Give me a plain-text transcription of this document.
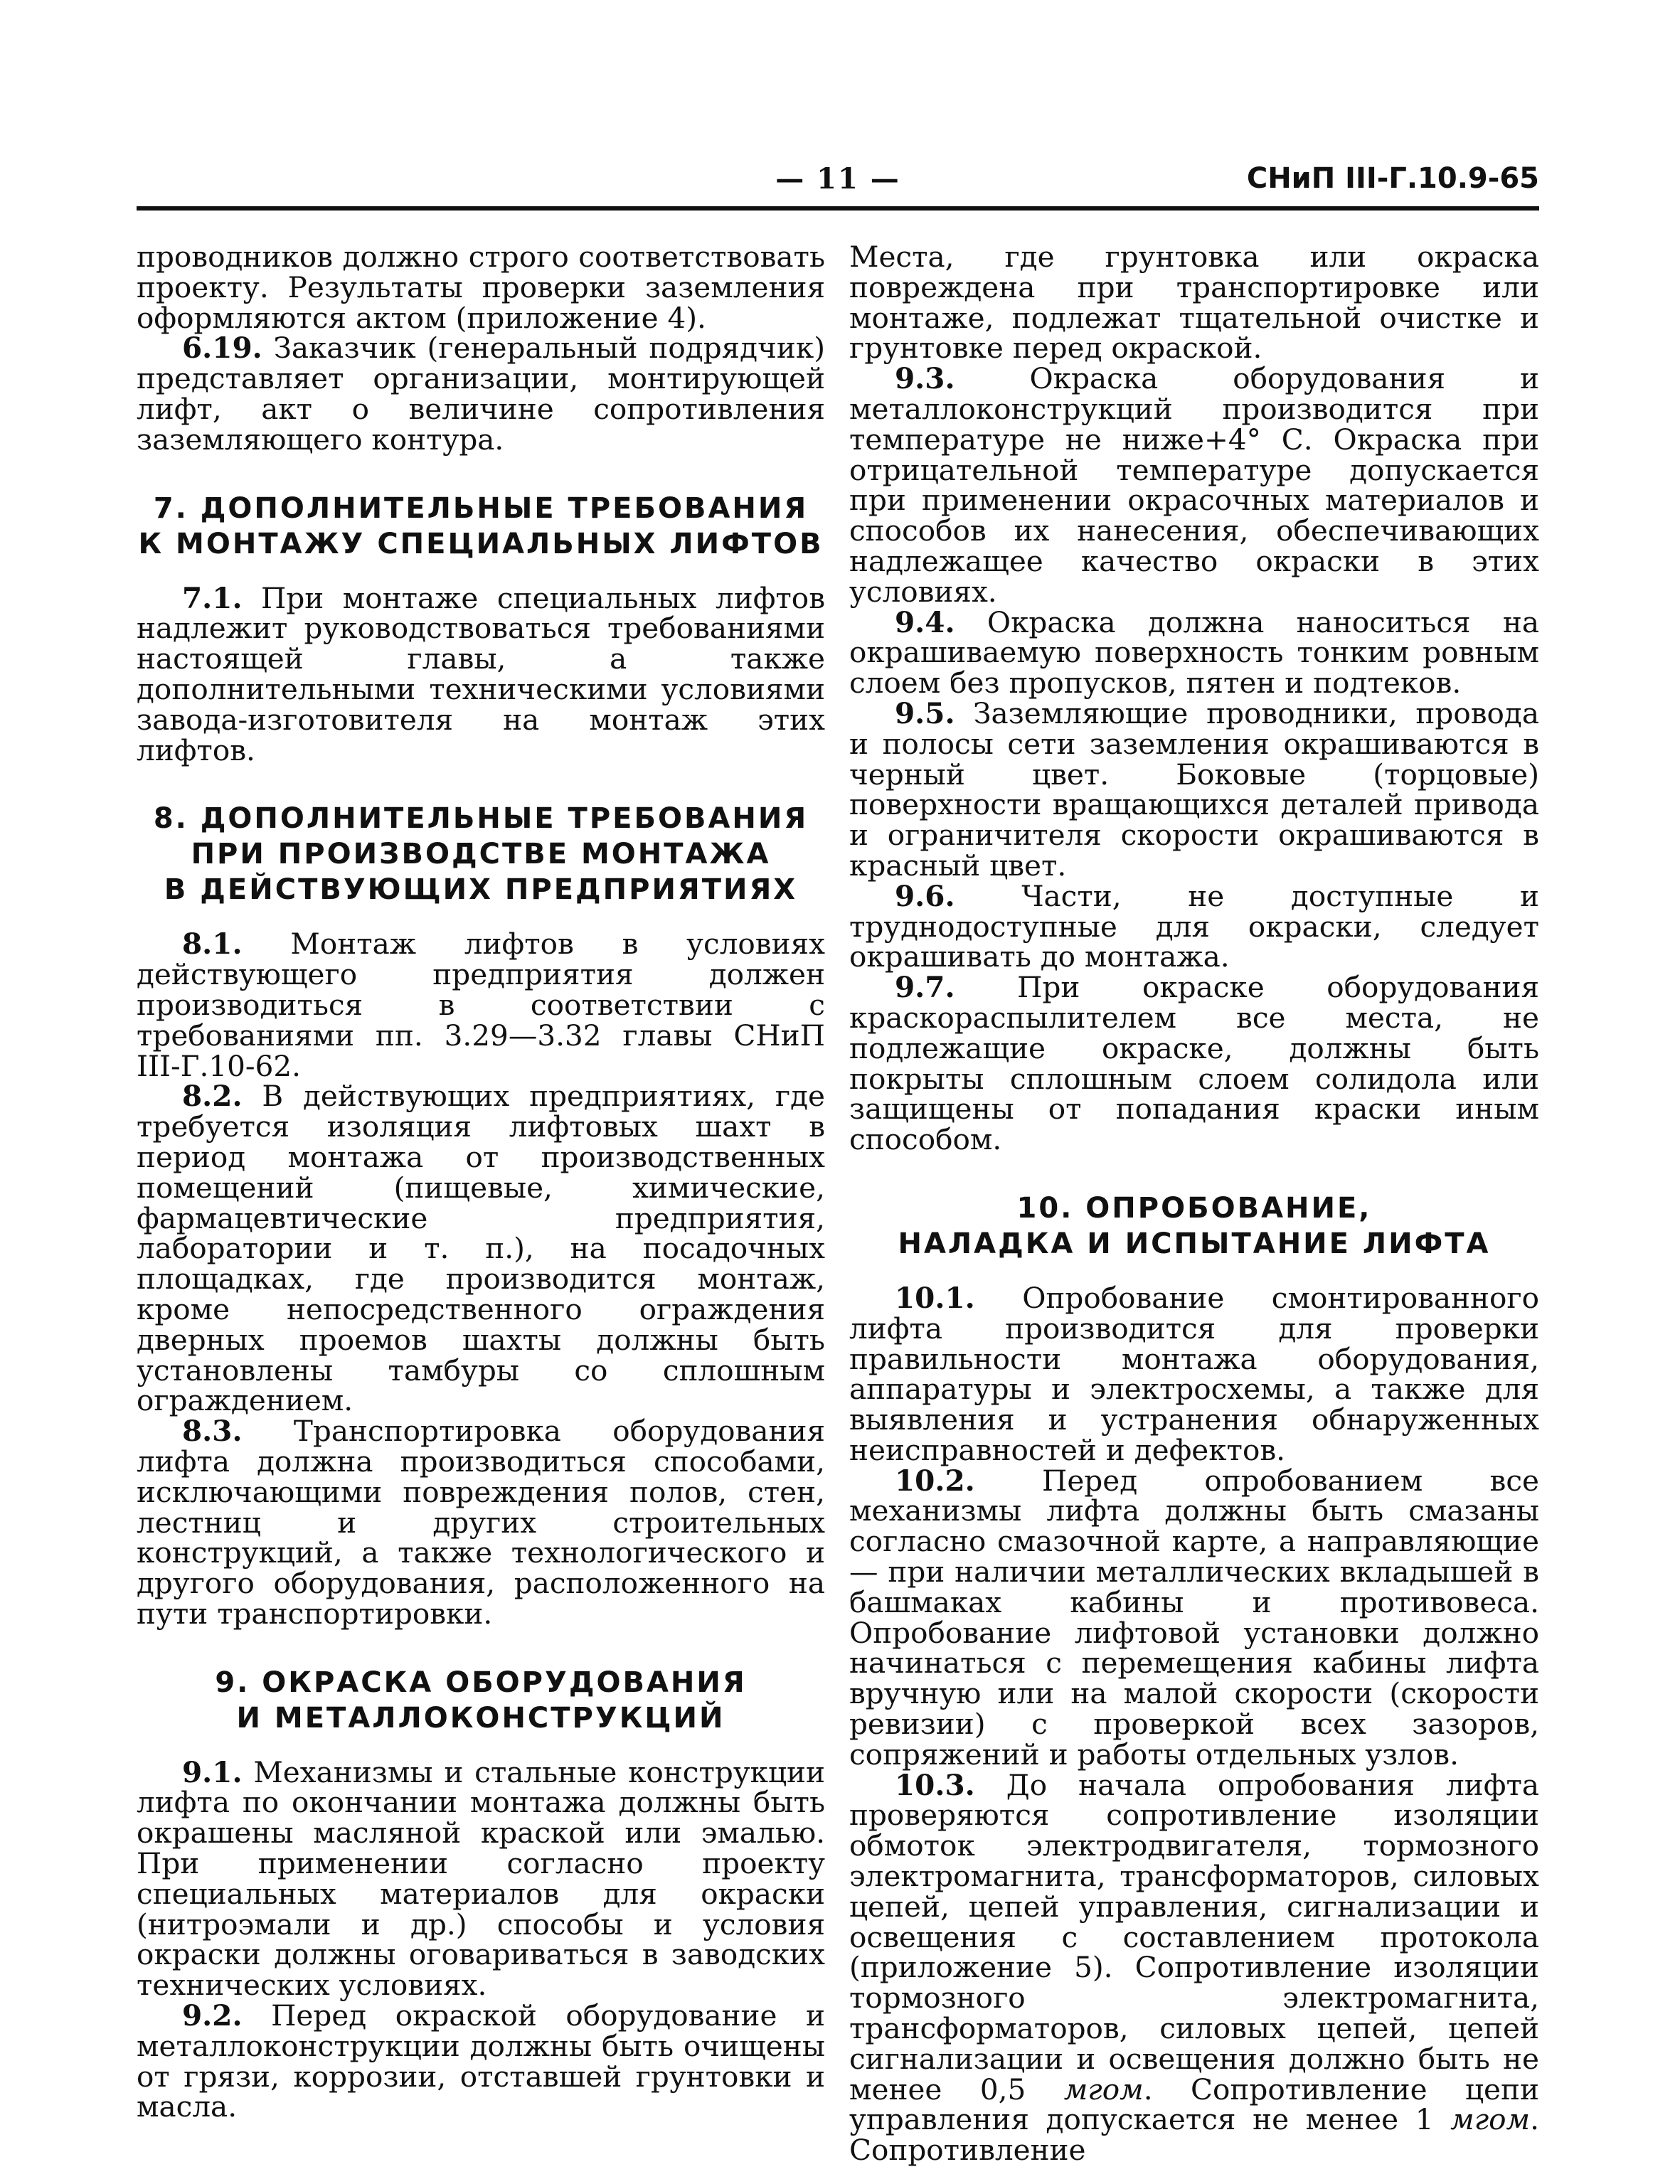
— 11 —	СНиП III-Г.10.9-65

проводников должно строго соответствовать проекту. Результаты проверки заземления оформляются актом (приложение 4).

6.19. Заказчик (генеральный подрядчик) представляет организации, монтирующей лифт, акт о величине сопротивления заземляющего контура.

7. ДОПОЛНИТЕЛЬНЫЕ ТРЕБОВАНИЯ
К МОНТАЖУ СПЕЦИАЛЬНЫХ ЛИФТОВ

7.1. При монтаже специальных лифтов надлежит руководствоваться требованиями настоящей главы, а также дополнительными техническими условиями завода-изготовителя на монтаж этих лифтов.

8. ДОПОЛНИТЕЛЬНЫЕ ТРЕБОВАНИЯ
ПРИ ПРОИЗВОДСТВЕ МОНТАЖА
В ДЕЙСТВУЮЩИХ ПРЕДПРИЯТИЯХ

8.1. Монтаж лифтов в условиях действующего предприятия должен производиться в соответствии с требованиями пп. 3.29—3.32 главы СНиП III-Г.10-62.

8.2. В действующих предприятиях, где требуется изоляция лифтовых шахт в период монтажа от производственных помещений (пищевые, химические, фармацевтические предприятия, лаборатории и т. п.), на посадочных площадках, где производится монтаж, кроме непосредственного ограждения дверных проемов шахты должны быть установлены тамбуры со сплошным ограждением.

8.3. Транспортировка оборудования лифта должна производиться способами, исключающими повреждения полов, стен, лестниц и других строительных конструкций, а также технологического и другого оборудования, расположенного на пути транспортировки.

9. ОКРАСКА ОБОРУДОВАНИЯ
И МЕТАЛЛОКОНСТРУКЦИЙ

9.1. Механизмы и стальные конструкции лифта по окончании монтажа должны быть окрашены масляной краской или эмалью. При применении согласно проекту специальных материалов для окраски (нитроэмали и др.) способы и условия окраски должны оговариваться в заводских технических условиях.

9.2. Перед окраской оборудование и металлоконструкции должны быть очищены от грязи, коррозии, отставшей грунтовки и масла.

Места, где грунтовка или окраска повреждена при транспортировке или монтаже, подлежат тщательной очистке и грунтовке перед окраской.

9.3. Окраска оборудования и металлоконструкций производится при температуре не ниже+4° С. Окраска при отрицательной температуре допускается при применении окрасочных материалов и способов их нанесения, обеспечивающих надлежащее качество окраски в этих условиях.

9.4. Окраска должна наноситься на окрашиваемую поверхность тонким ровным слоем без пропусков, пятен и подтеков.

9.5. Заземляющие проводники, провода и полосы сети заземления окрашиваются в черный цвет. Боковые (торцовые) поверхности вращающихся деталей привода и ограничителя скорости окрашиваются в красный цвет.

9.6. Части, не доступные и труднодоступные для окраски, следует окрашивать до монтажа.

9.7. При окраске оборудования краскораспылителем все места, не подлежащие окраске, должны быть покрыты сплошным слоем солидола или защищены от попадания краски иным способом.

10. ОПРОБОВАНИЕ,
НАЛАДКА И ИСПЫТАНИЕ ЛИФТА

10.1. Опробование смонтированного лифта производится для проверки правильности монтажа оборудования, аппаратуры и электросхемы, а также для выявления и устранения обнаруженных неисправностей и дефектов.

10.2. Перед опробованием все механизмы лифта должны быть смазаны согласно смазочной карте, а направляющие — при наличии металлических вкладышей в башмаках кабины и противовеса. Опробование лифтовой установки должно начинаться с перемещения кабины лифта вручную или на малой скорости (скорости ревизии) с проверкой всех зазоров, сопряжений и работы отдельных узлов.

10.3. До начала опробования лифта проверяются сопротивление изоляции обмоток электродвигателя, тормозного электромагнита, трансформаторов, силовых цепей, цепей управления, сигнализации и освещения с составлением протокола (приложение 5). Сопротивление изоляции тормозного электромагнита, трансформаторов, силовых цепей, цепей сигнализации и освещения должно быть не менее 0,5 мгом. Сопротивление цепи управления допускается не менее 1 мгом. Сопротивление
